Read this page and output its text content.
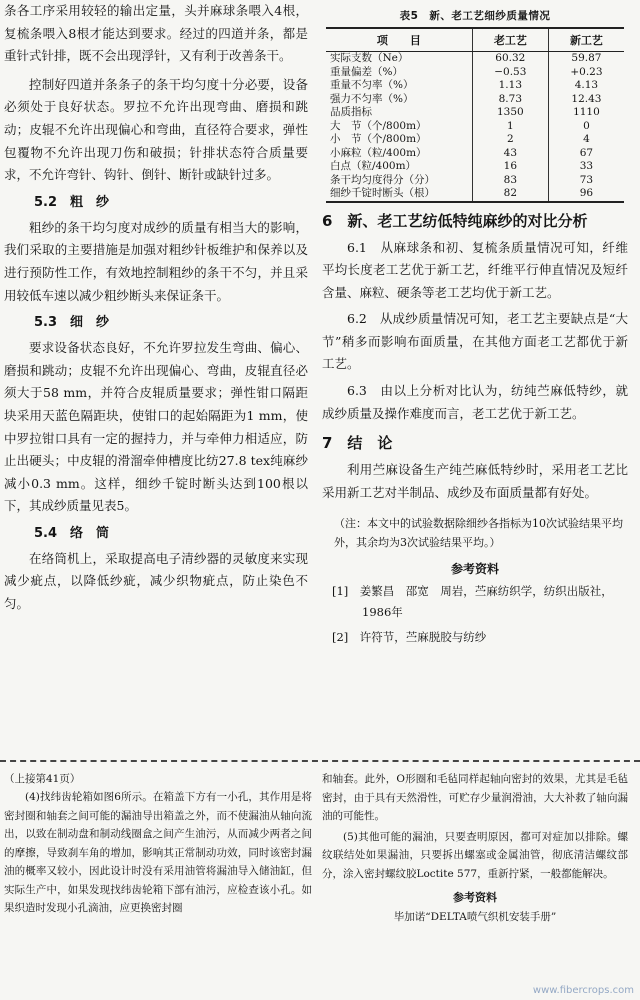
条各工序采用较轻的输出定量，头并麻球条喂入4根，复梳条喂入8根才能达到要求。经过的四道并条，都是重针式针排，既不会出现浮针，又有利于改善条干。

控制好四道并条条子的条干均匀度十分必要，设备必须处于良好状态。罗拉不允许出现弯曲、磨损和跳动；皮辊不允许出现偏心和弯曲，直径符合要求，弹性包覆物不允许出现刀伤和破损；针排状态符合质量要求，不允许弯针、钩针、倒针、断针或缺针过多。

5.2　粗　纱

粗纱的条干均匀度对成纱的质量有相当大的影响，我们采取的主要措施是加强对粗纱针板维护和保养以及进行预防性工作，有效地控制粗纱的条干不匀，并且采用较低车速以减少粗纱断头来保证条干。

5.3　细　纱

要求设备状态良好，不允许罗拉发生弯曲、偏心、磨损和跳动；皮辊不允许出现偏心、弯曲，皮辊直径必须大于58 mm，并符合皮辊质量要求；弹性钳口隔距块采用天蓝色隔距块，使钳口的起始隔距为1 mm，使中罗拉钳口具有一定的握持力，并与牵伸力相适应，防止出硬头；中皮辊的滑溜牵伸槽度比纺27.8 tex纯麻纱减小0.3 mm。这样，细纱千锭时断头达到100根以下，其成纱质量见表5。

5.4　络　筒

在络筒机上，采取提高电子清纱器的灵敏度来实现减少疵点，以降低纱疵，减少织物疵点，防止染色不匀。

表5　新、老工艺细纱质量情况
项　　目	老工艺	新工艺
实际支数（Ne）	60.32	59.87
重量偏差（%）	−0.53	+0.23
重量不匀率（%）	1.13	4.13
强力不匀率（%）	8.73	12.43
品质指标	1350	1110
大　节（个/800m）	1	0
小　节（个/800m）	2	4
小麻粒（粒/400m）	43	67
白点（粒/400m）	16	33
条干均匀度得分（分）	83	73
细纱千锭时断头（根）	82	96
6　新、老工艺纺低特纯麻纱的对比分析

6.1　从麻球条和初、复梳条质量情况可知，纤维平均长度老工艺优于新工艺，纤维平行伸直情况及短纤含量、麻粒、硬条等老工艺均优于新工艺。

6.2　从成纱质量情况可知，老工艺主要缺点是“大节”稍多而影响布面质量，在其他方面老工艺都优于新工艺。

6.3　由以上分析对比认为，纺纯苎麻低特纱，就成纱质量及操作难度而言，老工艺优于新工艺。

7　结　论

利用苎麻设备生产纯苎麻低特纱时，采用老工艺比采用新工艺对半制品、成纱及布面质量都有好处。

（注：本文中的试验数据除细纱各指标为10次试验结果平均外，其余均为3次试验结果平均。）
参考资料
[1]　姜繁昌　邵宽　周岩，苎麻纺织学，纺织出版社，1986年
[2]　许符节，苎麻脱胶与纺纱
（上接第41页）

(4)找纬齿轮箱如图6所示。在箱盖下方有一小孔，其作用是将密封圈和轴套之间可能的漏油导出箱盖之外，而不使漏油从轴向流出，以致在制动盘和制动线圈盒之间产生油污，从而减少两者之间的摩擦，导致刹车角的增加，影响其正常制动功效，同时该密封漏油的概率又较小，因此设计时没有采用油管将漏油导入储油缸，但实际生产中，如果发现找纬齿轮箱下部有油污，应检查该小孔。如果织造时发现小孔滴油，应更换密封圈

和轴套。此外，O形圈和毛毡同样起轴向密封的效果，尤其是毛毡密封，由于具有天然滑性，可贮存少量润滑油，大大补救了轴向漏油的可能性。

(5)其他可能的漏油，只要查明原因，都可对症加以排除。螺纹联结处如果漏油，只要拆出螺塞或金属油管，彻底清洁螺纹部分，涂入密封螺纹胶Loctite 577，重新拧紧，一般都能解决。

参考资料
毕加诺“DELTA喷气织机安装手册”
www.fibercrops.com
